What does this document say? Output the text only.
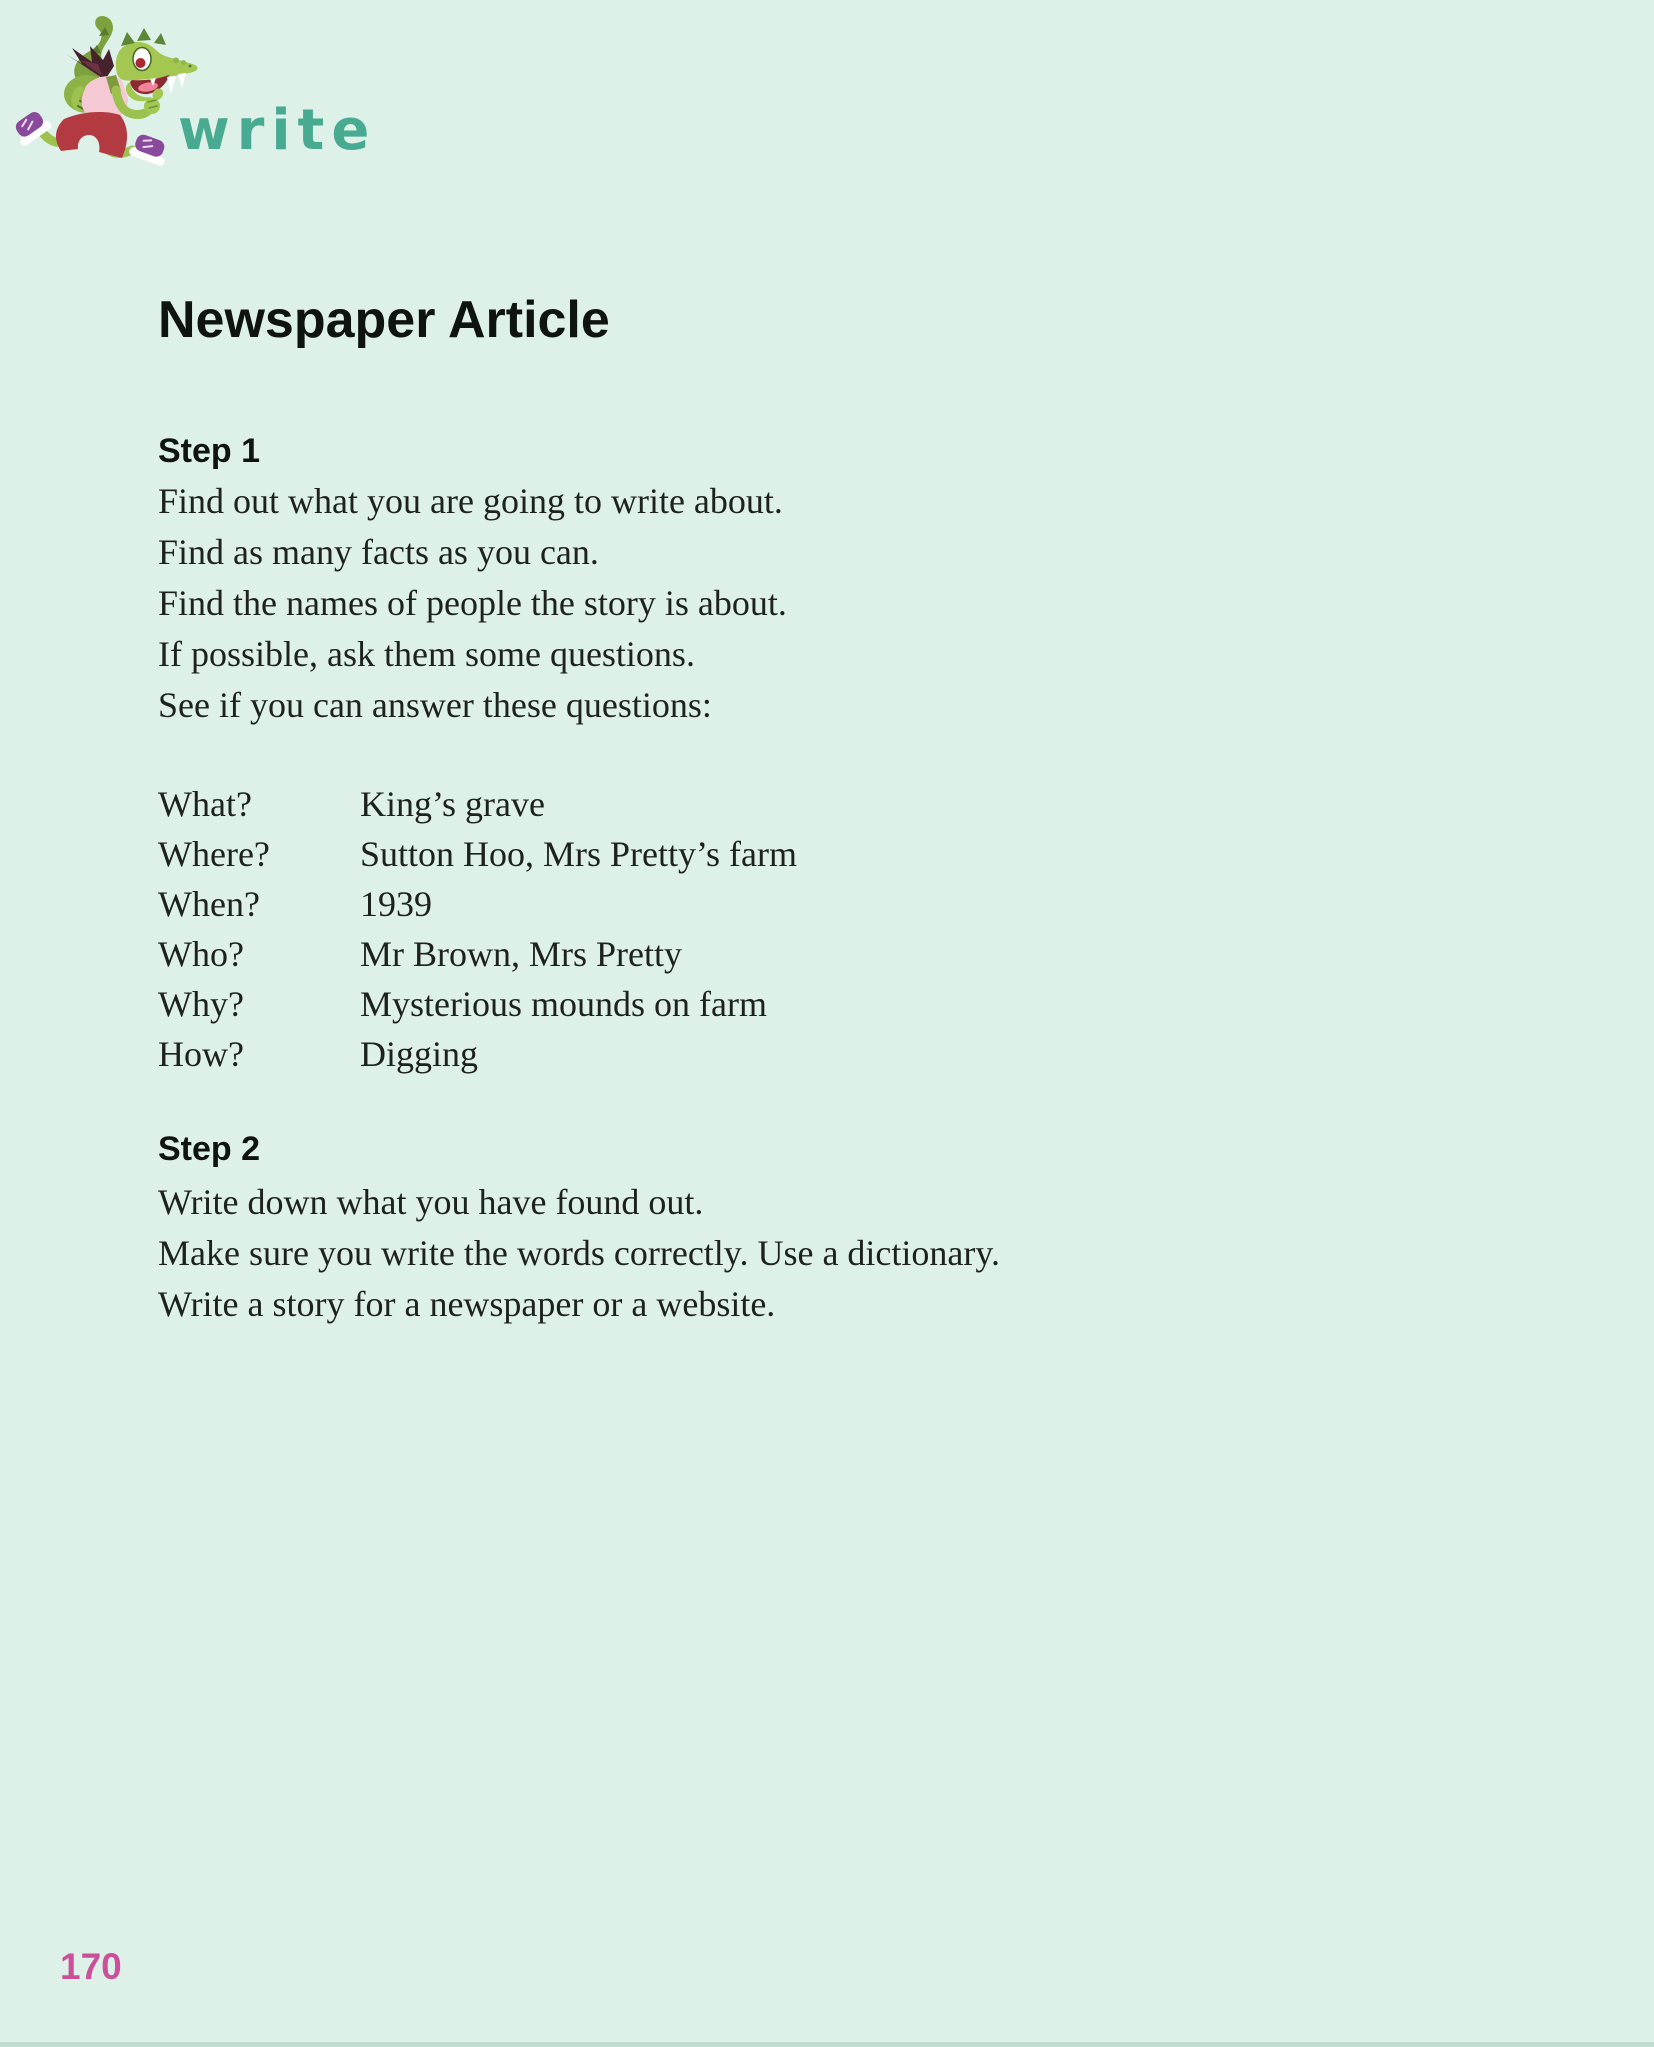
write
Newspaper Article
Step 1

Find out what you are going to write about.

Find as many facts as you can.

Find the names of people the story is about.

If possible, ask them some questions.

See if you can answer these questions:

What?	King’s grave
Where?	Sutton Hoo, Mrs Pretty’s farm
When?	1939
Who?	Mr Brown, Mrs Pretty
Why?	Mysterious mounds on farm
How?	Digging
Step 2

Write down what you have found out.

Make sure you write the words correctly. Use a dictionary.

Write a story for a newspaper or a website.

170
